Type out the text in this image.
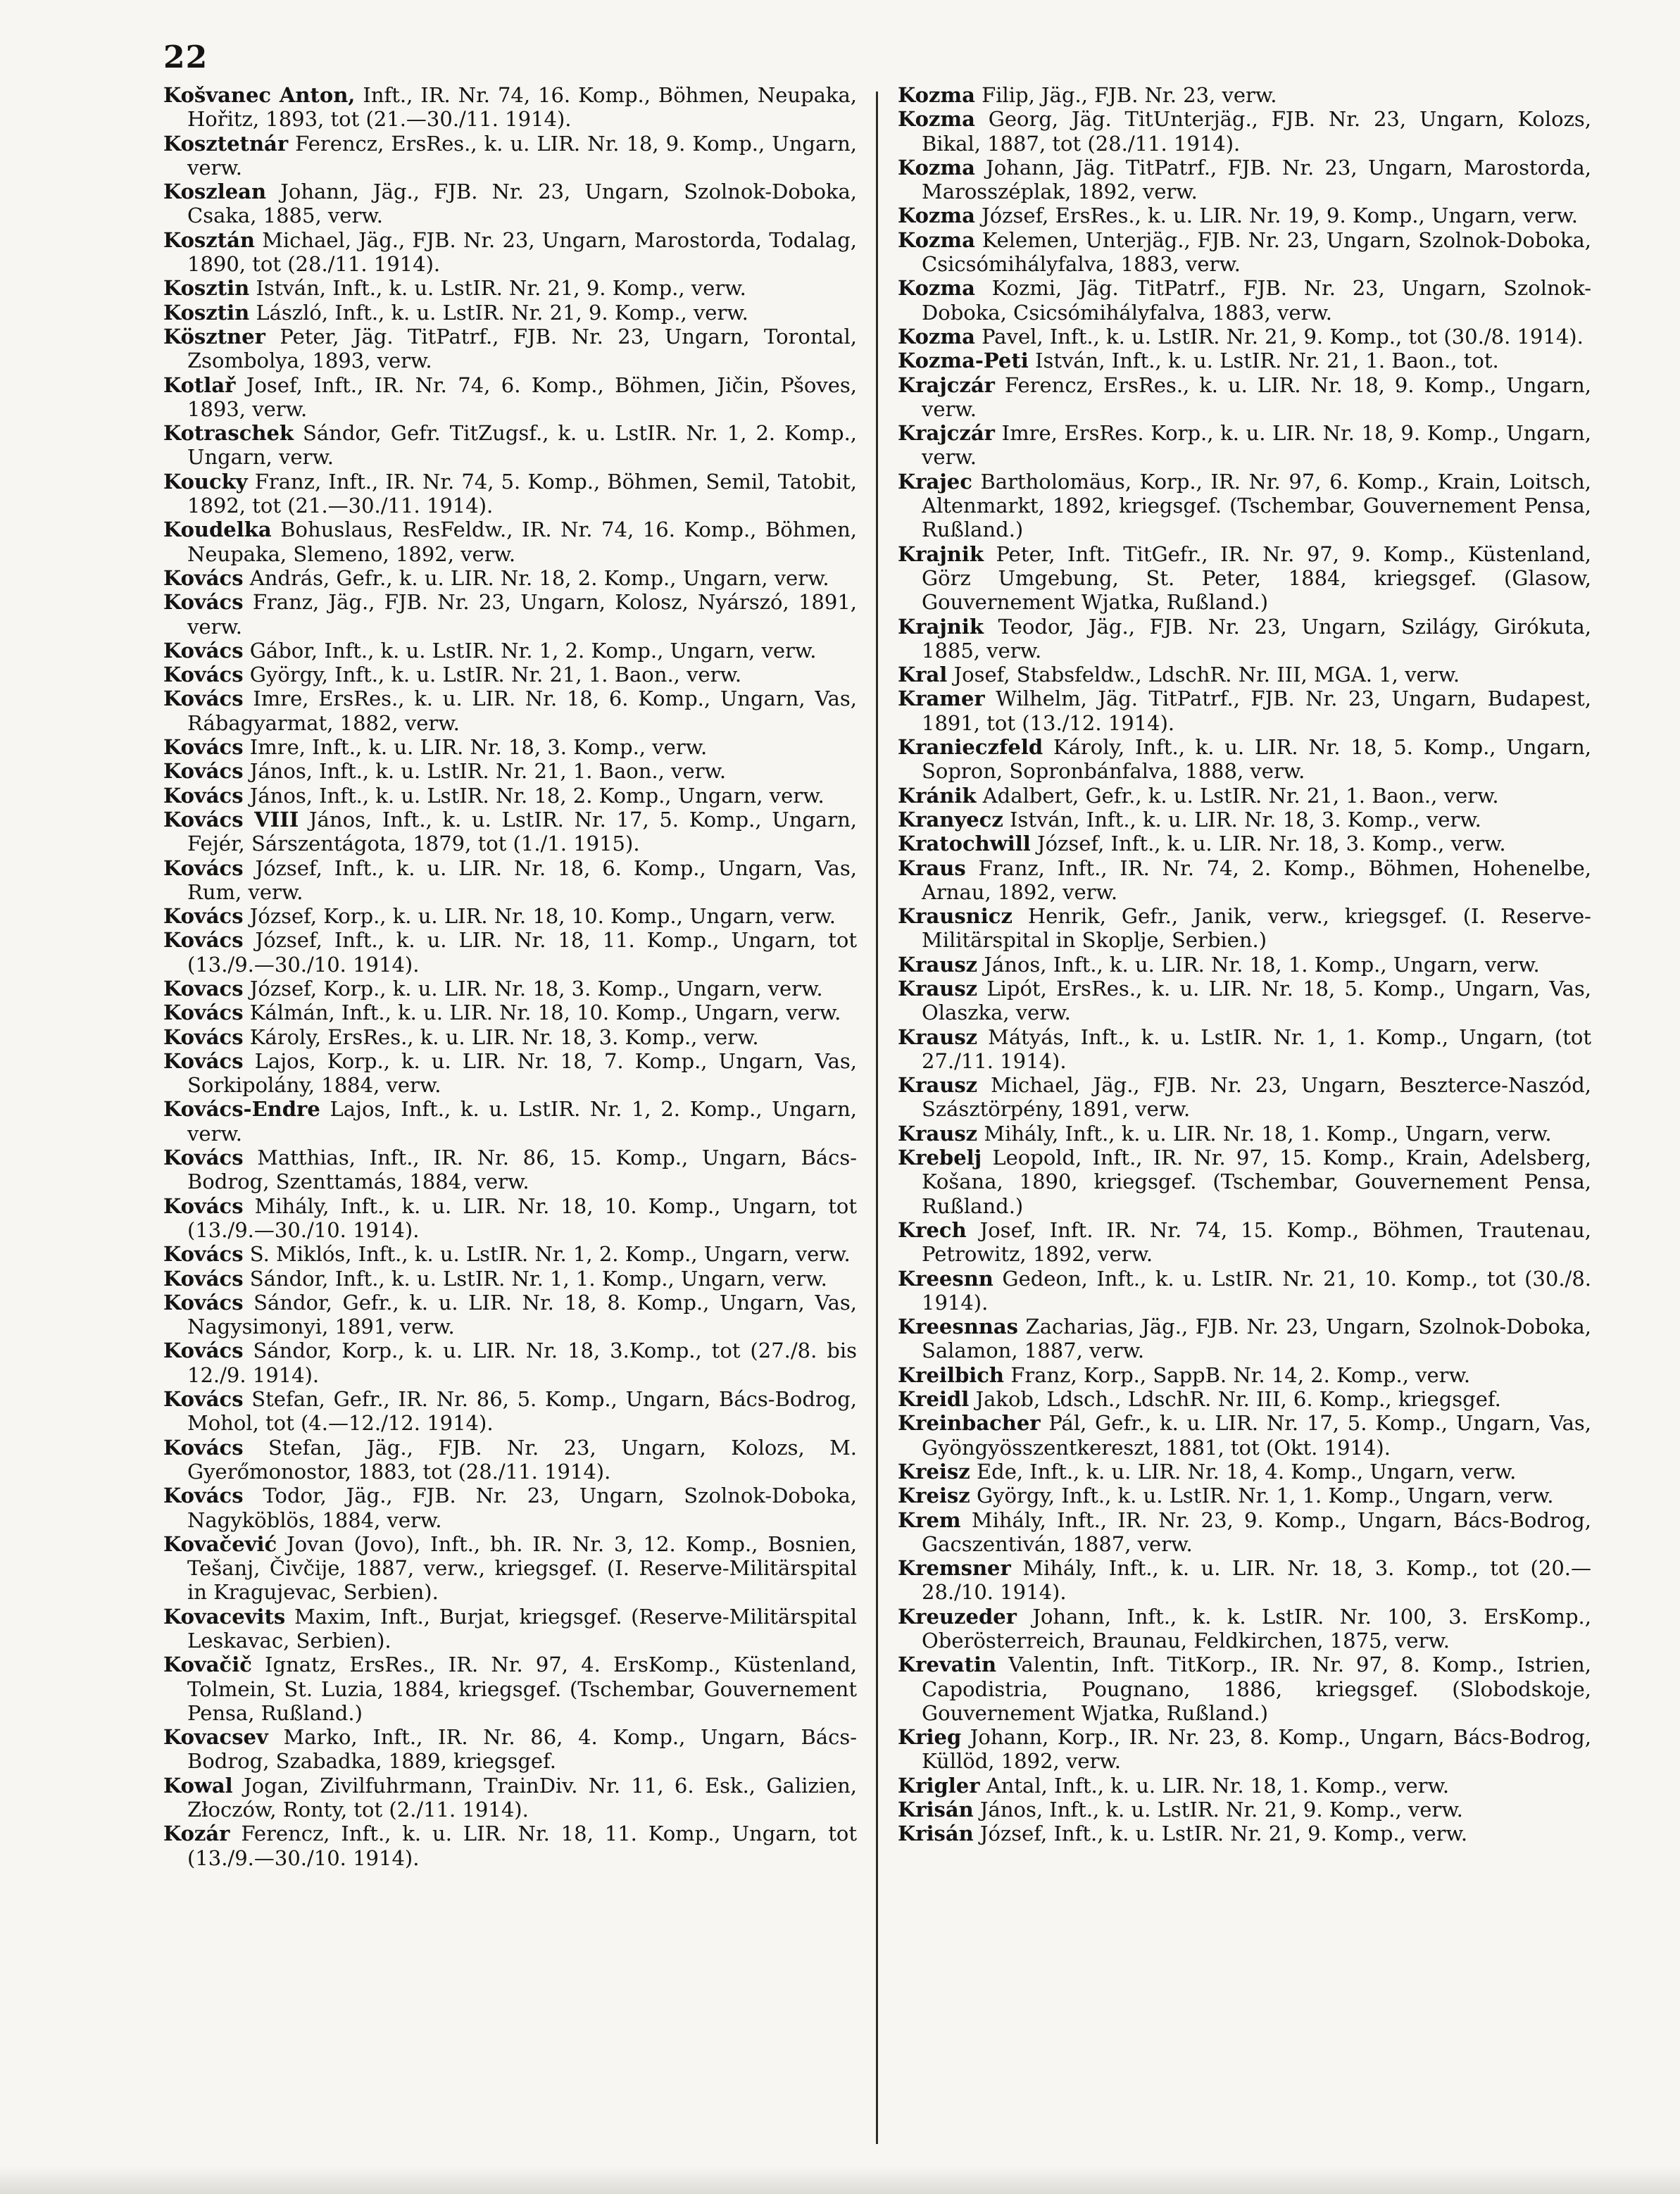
22
Košvanec Anton, Inft., IR. Nr. 74, 16. Komp., Böhmen, Neupaka, Hořitz, 1893, tot (21.—30./11. 1914).
Kosztetnár Ferencz, ErsRes., k. u. LIR. Nr. 18, 9. Komp., Ungarn, verw.
Koszlean Johann, Jäg., FJB. Nr. 23, Ungarn, Szolnok-Doboka, Csaka, 1885, verw.
Kosztán Michael, Jäg., FJB. Nr. 23, Ungarn, Marostorda, Todalag, 1890, tot (28./11. 1914).
Kosztin István, Inft., k. u. LstIR. Nr. 21, 9. Komp., verw.
Kosztin László, Inft., k. u. LstIR. Nr. 21, 9. Komp., verw.
Kösztner Peter, Jäg. TitPatrf., FJB. Nr. 23, Ungarn, Torontal, Zsombolya, 1893, verw.
Kotlař Josef, Inft., IR. Nr. 74, 6. Komp., Böhmen, Jičin, Pšoves, 1893, verw.
Kotraschek Sándor, Gefr. TitZugsf., k. u. LstIR. Nr. 1, 2. Komp., Ungarn, verw.
Koucky Franz, Inft., IR. Nr. 74, 5. Komp., Böhmen, Semil, Tatobit, 1892, tot (21.—30./11. 1914).
Koudelka Bohuslaus, ResFeldw., IR. Nr. 74, 16. Komp., Böhmen, Neupaka, Slemeno, 1892, verw.
Kovács András, Gefr., k. u. LIR. Nr. 18, 2. Komp., Ungarn, verw.
Kovács Franz, Jäg., FJB. Nr. 23, Ungarn, Kolosz, Nyárszó, 1891, verw.
Kovács Gábor, Inft., k. u. LstIR. Nr. 1, 2. Komp., Ungarn, verw.
Kovács György, Inft., k. u. LstIR. Nr. 21, 1. Baon., verw.
Kovács Imre, ErsRes., k. u. LIR. Nr. 18, 6. Komp., Ungarn, Vas, Rábagyarmat, 1882, verw.
Kovács Imre, Inft., k. u. LIR. Nr. 18, 3. Komp., verw.
Kovács János, Inft., k. u. LstIR. Nr. 21, 1. Baon., verw.
Kovács János, Inft., k. u. LstIR. Nr. 18, 2. Komp., Ungarn, verw.
Kovács VIII János, Inft., k. u. LstIR. Nr. 17, 5. Komp., Ungarn, Fejér, Sárszentágota, 1879, tot (1./1. 1915).
Kovács József, Inft., k. u. LIR. Nr. 18, 6. Komp., Ungarn, Vas, Rum, verw.
Kovács József, Korp., k. u. LIR. Nr. 18, 10. Komp., Ungarn, verw.
Kovács József, Inft., k. u. LIR. Nr. 18, 11. Komp., Ungarn, tot (13./9.—30./10. 1914).
Kovacs József, Korp., k. u. LIR. Nr. 18, 3. Komp., Ungarn, verw.
Kovács Kálmán, Inft., k. u. LIR. Nr. 18, 10. Komp., Ungarn, verw.
Kovács Károly, ErsRes., k. u. LIR. Nr. 18, 3. Komp., verw.
Kovács Lajos, Korp., k. u. LIR. Nr. 18, 7. Komp., Ungarn, Vas, Sorkipolány, 1884, verw.
Kovács-Endre Lajos, Inft., k. u. LstIR. Nr. 1, 2. Komp., Ungarn, verw.
Kovács Matthias, Inft., IR. Nr. 86, 15. Komp., Ungarn, Bács-Bodrog, Szenttamás, 1884, verw.
Kovács Mihály, Inft., k. u. LIR. Nr. 18, 10. Komp., Ungarn, tot (13./9.—30./10. 1914).
Kovács S. Miklós, Inft., k. u. LstIR. Nr. 1, 2. Komp., Ungarn, verw.
Kovács Sándor, Inft., k. u. LstIR. Nr. 1, 1. Komp., Ungarn, verw.
Kovács Sándor, Gefr., k. u. LIR. Nr. 18, 8. Komp., Ungarn, Vas, Nagysimonyi, 1891, verw.
Kovács Sándor, Korp., k. u. LIR. Nr. 18, 3.Komp., tot (27./8. bis 12./9. 1914).
Kovács Stefan, Gefr., IR. Nr. 86, 5. Komp., Ungarn, Bács-Bodrog, Mohol, tot (4.—12./12. 1914).
Kovács Stefan, Jäg., FJB. Nr. 23, Ungarn, Kolozs, M. Gyerőmonostor, 1883, tot (28./11. 1914).
Kovács Todor, Jäg., FJB. Nr. 23, Ungarn, Szolnok-Doboka, Nagyköblös, 1884, verw.
Kovačević Jovan (Jovo), Inft., bh. IR. Nr. 3, 12. Komp., Bosnien, Tešanj, Čivčije, 1887, verw., kriegsgef. (I. Reserve-Militärspital in Kragujevac, Serbien).
Kovacevits Maxim, Inft., Burjat, kriegsgef. (Reserve-Militärspital Leskavac, Serbien).
Kovačič Ignatz, ErsRes., IR. Nr. 97, 4. ErsKomp., Küstenland, Tolmein, St. Luzia, 1884, kriegsgef. (Tschembar, Gouvernement Pensa, Rußland.)
Kovacsev Marko, Inft., IR. Nr. 86, 4. Komp., Ungarn, Bács-Bodrog, Szabadka, 1889, kriegsgef.
Kowal Jogan, Zivilfuhrmann, TrainDiv. Nr. 11, 6. Esk., Galizien, Złoczów, Ronty, tot (2./11. 1914).
Kozár Ferencz, Inft., k. u. LIR. Nr. 18, 11. Komp., Ungarn, tot (13./9.—30./10. 1914).
Kozma Filip, Jäg., FJB. Nr. 23, verw.
Kozma Georg, Jäg. TitUnterjäg., FJB. Nr. 23, Ungarn, Kolozs, Bikal, 1887, tot (28./11. 1914).
Kozma Johann, Jäg. TitPatrf., FJB. Nr. 23, Ungarn, Marostorda, Marosszéplak, 1892, verw.
Kozma József, ErsRes., k. u. LIR. Nr. 19, 9. Komp., Ungarn, verw.
Kozma Kelemen, Unterjäg., FJB. Nr. 23, Ungarn, Szolnok-Doboka, Csicsómihályfalva, 1883, verw.
Kozma Kozmi, Jäg. TitPatrf., FJB. Nr. 23, Ungarn, Szolnok-Doboka, Csicsómihályfalva, 1883, verw.
Kozma Pavel, Inft., k. u. LstIR. Nr. 21, 9. Komp., tot (30./8. 1914).
Kozma-Peti István, Inft., k. u. LstIR. Nr. 21, 1. Baon., tot.
Krajczár Ferencz, ErsRes., k. u. LIR. Nr. 18, 9. Komp., Ungarn, verw.
Krajczár Imre, ErsRes. Korp., k. u. LIR. Nr. 18, 9. Komp., Ungarn, verw.
Krajec Bartholomäus, Korp., IR. Nr. 97, 6. Komp., Krain, Loitsch, Altenmarkt, 1892, kriegsgef. (Tschembar, Gouvernement Pensa, Rußland.)
Krajnik Peter, Inft. TitGefr., IR. Nr. 97, 9. Komp., Küstenland, Görz Umgebung, St. Peter, 1884, kriegsgef. (Glasow, Gouvernement Wjatka, Rußland.)
Krajnik Teodor, Jäg., FJB. Nr. 23, Ungarn, Szilágy, Girókuta, 1885, verw.
Kral Josef, Stabsfeldw., LdschR. Nr. III, MGA. 1, verw.
Kramer Wilhelm, Jäg. TitPatrf., FJB. Nr. 23, Ungarn, Budapest, 1891, tot (13./12. 1914).
Kranieczfeld Károly, Inft., k. u. LIR. Nr. 18, 5. Komp., Ungarn, Sopron, Sopronbánfalva, 1888, verw.
Kránik Adalbert, Gefr., k. u. LstIR. Nr. 21, 1. Baon., verw.
Kranyecz István, Inft., k. u. LIR. Nr. 18, 3. Komp., verw.
Kratochwill József, Inft., k. u. LIR. Nr. 18, 3. Komp., verw.
Kraus Franz, Inft., IR. Nr. 74, 2. Komp., Böhmen, Hohenelbe, Arnau, 1892, verw.
Krausnicz Henrik, Gefr., Janik, verw., kriegsgef. (I. Reserve-Militärspital in Skoplje, Serbien.)
Krausz János, Inft., k. u. LIR. Nr. 18, 1. Komp., Ungarn, verw.
Krausz Lipót, ErsRes., k. u. LIR. Nr. 18, 5. Komp., Ungarn, Vas, Olaszka, verw.
Krausz Mátyás, Inft., k. u. LstIR. Nr. 1, 1. Komp., Ungarn, (tot 27./11. 1914).
Krausz Michael, Jäg., FJB. Nr. 23, Ungarn, Beszterce-Naszód, Szásztörpény, 1891, verw.
Krausz Mihály, Inft., k. u. LIR. Nr. 18, 1. Komp., Ungarn, verw.
Krebelj Leopold, Inft., IR. Nr. 97, 15. Komp., Krain, Adelsberg, Košana, 1890, kriegsgef. (Tschembar, Gouvernement Pensa, Rußland.)
Krech Josef, Inft. IR. Nr. 74, 15. Komp., Böhmen, Trautenau, Petrowitz, 1892, verw.
Kreesnn Gedeon, Inft., k. u. LstIR. Nr. 21, 10. Komp., tot (30./8. 1914).
Kreesnnas Zacharias, Jäg., FJB. Nr. 23, Ungarn, Szolnok-Doboka, Salamon, 1887, verw.
Kreilbich Franz, Korp., SappB. Nr. 14, 2. Komp., verw.
Kreidl Jakob, Ldsch., LdschR. Nr. III, 6. Komp., kriegsgef.
Kreinbacher Pál, Gefr., k. u. LIR. Nr. 17, 5. Komp., Ungarn, Vas, Gyöngyösszentkereszt, 1881, tot (Okt. 1914).
Kreisz Ede, Inft., k. u. LIR. Nr. 18, 4. Komp., Ungarn, verw.
Kreisz György, Inft., k. u. LstIR. Nr. 1, 1. Komp., Ungarn, verw.
Krem Mihály, Inft., IR. Nr. 23, 9. Komp., Ungarn, Bács-Bodrog, Gacszentiván, 1887, verw.
Kremsner Mihály, Inft., k. u. LIR. Nr. 18, 3. Komp., tot (20.—28./10. 1914).
Kreuzeder Johann, Inft., k. k. LstIR. Nr. 100, 3. ErsKomp., Oberösterreich, Braunau, Feldkirchen, 1875, verw.
Krevatin Valentin, Inft. TitKorp., IR. Nr. 97, 8. Komp., Istrien, Capodistria, Pougnano, 1886, kriegsgef. (Slobodskoje, Gouvernement Wjatka, Rußland.)
Krieg Johann, Korp., IR. Nr. 23, 8. Komp., Ungarn, Bács-Bodrog, Küllöd, 1892, verw.
Krigler Antal, Inft., k. u. LIR. Nr. 18, 1. Komp., verw.
Krisán János, Inft., k. u. LstIR. Nr. 21, 9. Komp., verw.
Krisán József, Inft., k. u. LstIR. Nr. 21, 9. Komp., verw.
